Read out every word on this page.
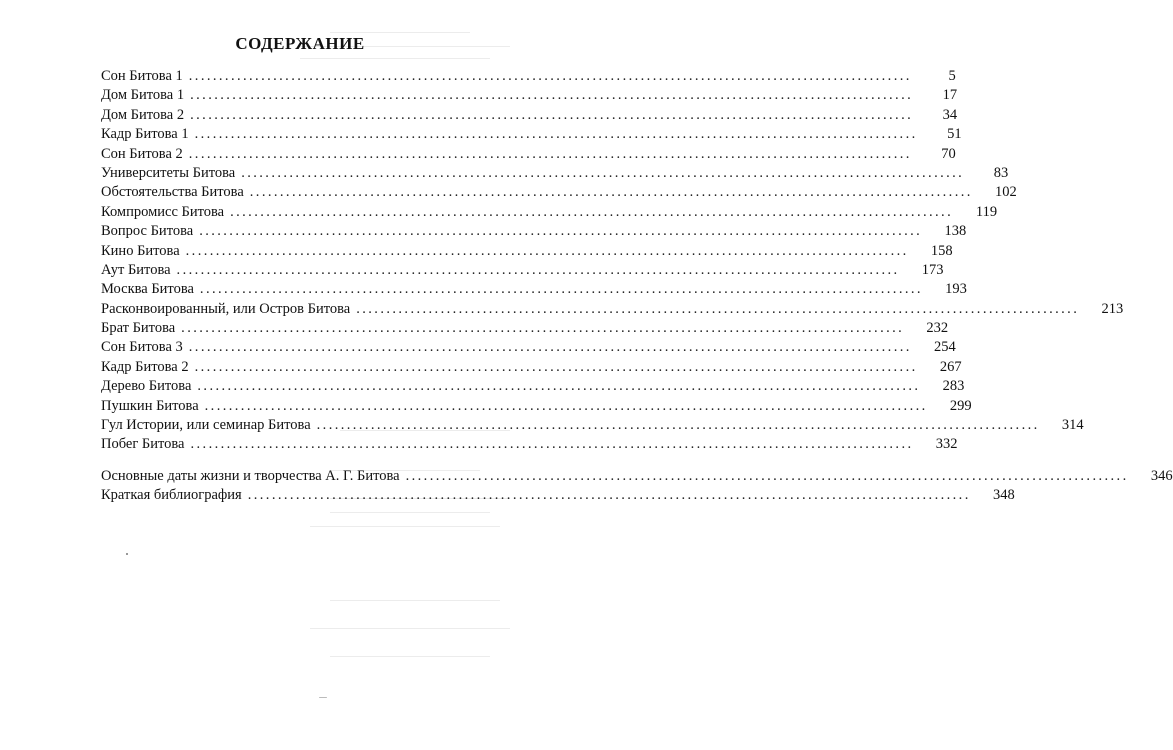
СОДЕРЖАНИЕ
Сон Битова 1 ........................................................................................................................	5
Дом Битова 1 ........................................................................................................................	17
Дом Битова 2 ........................................................................................................................	34
Кадр Битова 1 ........................................................................................................................	51
Сон Битова 2 ........................................................................................................................	70
Университеты Битова ........................................................................................................................	83
Обстоятельства Битова ........................................................................................................................ 102
Компромисс Битова ........................................................................................................................	119
Вопрос Битова ........................................................................................................................ 138
Кино Битова ........................................................................................................................ 158
Аут Битова ........................................................................................................................ 173
Москва Битова ........................................................................................................................ 193
Расконвоированный, или Остров Битова ........................................................................................................................ 213
Брат Битова ........................................................................................................................ 232
Сон Битова 3 ........................................................................................................................ 254
Кадр Битова 2 ........................................................................................................................ 267
Дерево Битова ........................................................................................................................ 283
Пушкин Битова ........................................................................................................................ 299
Гул Истории, или семинар Битова ........................................................................................................................ 314
Побег Битова ........................................................................................................................ 332
Основные даты жизни и творчества А. Г. Битова ........................................................................................................................ 346
Краткая библиография ........................................................................................................................ 348
